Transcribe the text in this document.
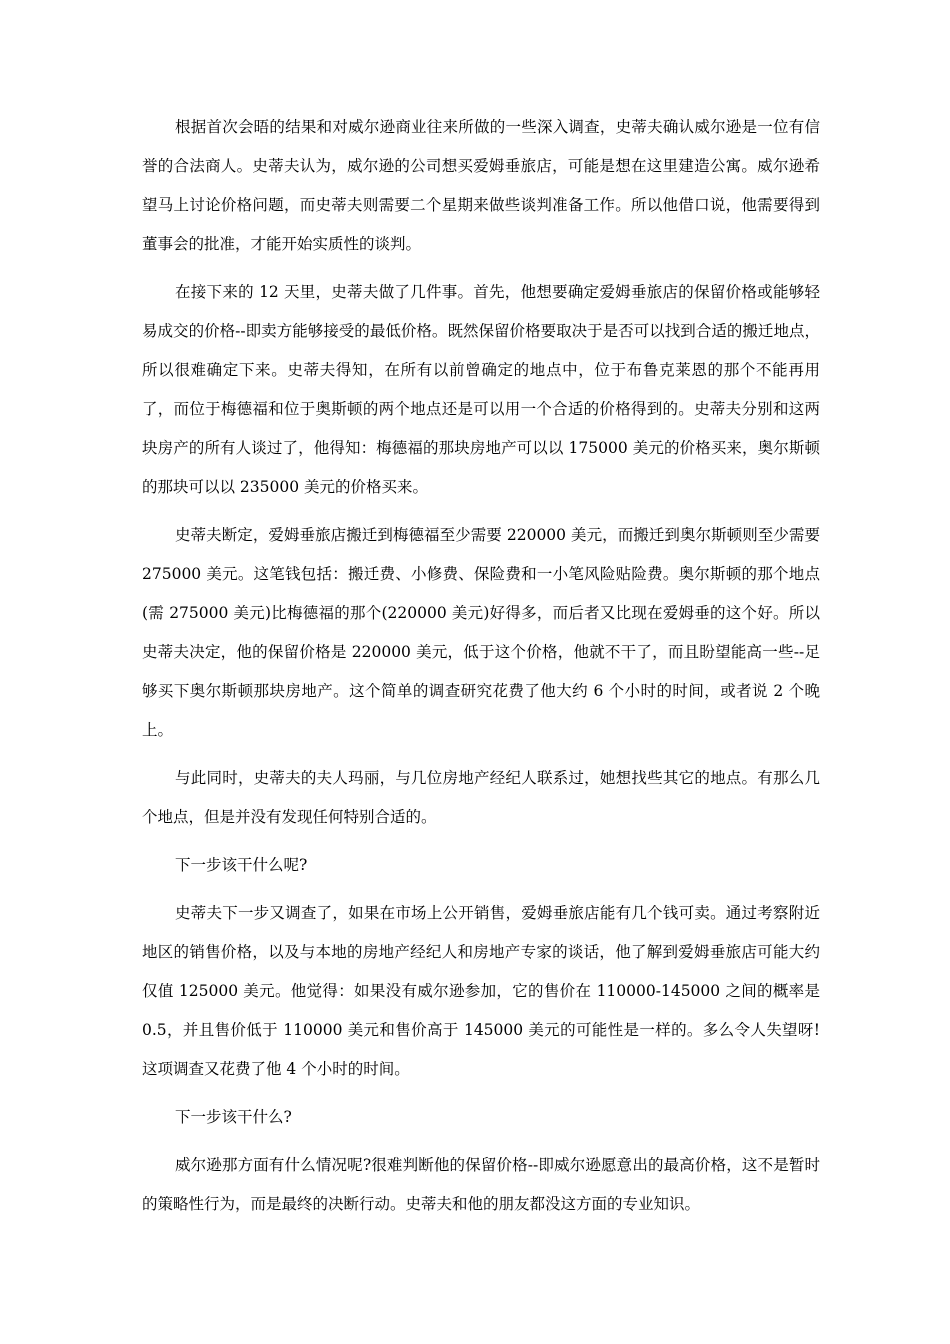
根据首次会晤的结果和对威尔逊商业往来所做的一些深入调查，史蒂夫确认威尔逊是一位有信誉的合法商人。史蒂夫认为，威尔逊的公司想买爱姆垂旅店，可能是想在这里建造公寓。威尔逊希望马上讨论价格问题，而史蒂夫则需要二个星期来做些谈判准备工作。所以他借口说，他需要得到董事会的批准，才能开始实质性的谈判。

在接下来的 12 天里，史蒂夫做了几件事。首先，他想要确定爱姆垂旅店的保留价格或能够轻易成交的价格--即卖方能够接受的最低价格。既然保留价格要取决于是否可以找到合适的搬迁地点，所以很难确定下来。史蒂夫得知，在所有以前曾确定的地点中，位于布鲁克莱恩的那个不能再用了，而位于梅德福和位于奥斯顿的两个地点还是可以用一个合适的价格得到的。史蒂夫分别和这两块房产的所有人谈过了，他得知：梅德福的那块房地产可以以 175000 美元的价格买来，奥尔斯顿的那块可以以 235000 美元的价格买来。

史蒂夫断定，爱姆垂旅店搬迁到梅德福至少需要 220000 美元，而搬迁到奥尔斯顿则至少需要 275000 美元。这笔钱包括：搬迁费、小修费、保险费和一小笔风险贴险费。奥尔斯顿的那个地点(需 275000 美元)比梅德福的那个(220000 美元)好得多，而后者又比现在爱姆垂的这个好。所以史蒂夫决定，他的保留价格是 220000 美元，低于这个价格，他就不干了，而且盼望能高一些--足够买下奥尔斯顿那块房地产。这个简单的调查研究花费了他大约 6 个小时的时间，或者说 2 个晚上。

与此同时，史蒂夫的夫人玛丽，与几位房地产经纪人联系过，她想找些其它的地点。有那么几个地点，但是并没有发现任何特别合适的。

下一步该干什么呢?

史蒂夫下一步又调查了，如果在市场上公开销售，爱姆垂旅店能有几个钱可卖。通过考察附近地区的销售价格，以及与本地的房地产经纪人和房地产专家的谈话，他了解到爱姆垂旅店可能大约仅值 125000 美元。他觉得：如果没有威尔逊参加，它的售价在 110000-145000 之间的概率是 0.5，并且售价低于 110000 美元和售价高于 145000 美元的可能性是一样的。多么令人失望呀!这项调查又花费了他 4 个小时的时间。

下一步该干什么?

威尔逊那方面有什么情况呢?很难判断他的保留价格--即威尔逊愿意出的最高价格，这不是暂时的策略性行为，而是最终的决断行动。史蒂夫和他的朋友都没这方面的专业知识。
